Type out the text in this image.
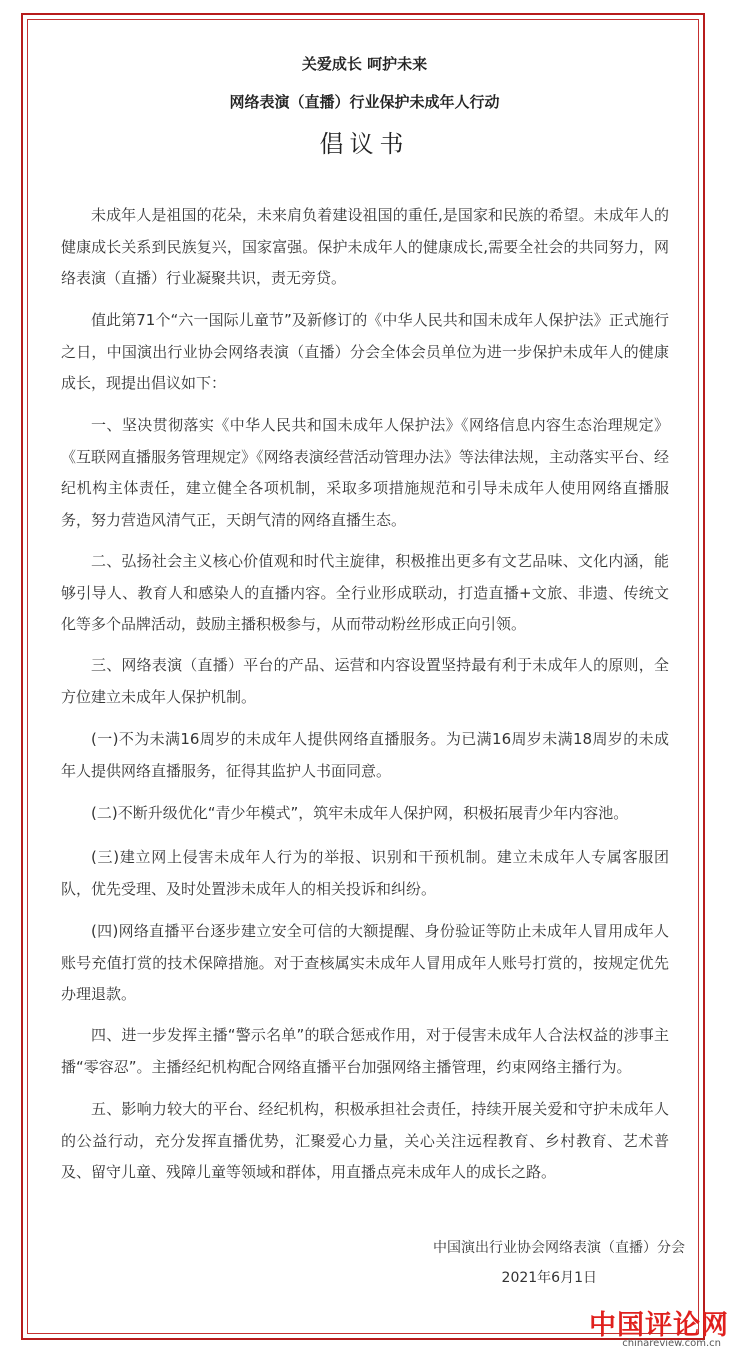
关爱成长 呵护未来
网络表演（直播）行业保护未成年人行动
倡议书

未成年人是祖国的花朵，未来肩负着建设祖国的重任,是国家和民族的希望。未成年人的健康成长关系到民族复兴，国家富强。保护未成年人的健康成长,需要全社会的共同努力，网络表演（直播）行业凝聚共识，责无旁贷。

值此第71个“六一国际儿童节”及新修订的《中华人民共和国未成年人保护法》正式施行之日，中国演出行业协会网络表演（直播）分会全体会员单位为进一步保护未成年人的健康成长，现提出倡议如下：

一、坚决贯彻落实《中华人民共和国未成年人保护法》《网络信息内容生态治理规定》《互联网直播服务管理规定》《网络表演经营活动管理办法》等法律法规，主动落实平台、经纪机构主体责任，建立健全各项机制，采取多项措施规范和引导未成年人使用网络直播服务，努力营造风清气正，天朗气清的网络直播生态。

二、弘扬社会主义核心价值观和时代主旋律，积极推出更多有文艺品味、文化内涵，能够引导人、教育人和感染人的直播内容。全行业形成联动，打造直播+文旅、非遗、传统文化等多个品牌活动，鼓励主播积极参与，从而带动粉丝形成正向引领。

三、网络表演（直播）平台的产品、运营和内容设置坚持最有利于未成年人的原则，全方位建立未成年人保护机制。

(一)不为未满16周岁的未成年人提供网络直播服务。为已满16周岁未满18周岁的未成年人提供网络直播服务，征得其监护人书面同意。

(二)不断升级优化“青少年模式”，筑牢未成年人保护网，积极拓展青少年内容池。

(三)建立网上侵害未成年人行为的举报、识别和干预机制。建立未成年人专属客服团队，优先受理、及时处置涉未成年人的相关投诉和纠纷。

(四)网络直播平台逐步建立安全可信的大额提醒、身份验证等防止未成年人冒用成年人账号充值打赏的技术保障措施。对于查核属实未成年人冒用成年人账号打赏的，按规定优先办理退款。

四、进一步发挥主播“警示名单”的联合惩戒作用，对于侵害未成年人合法权益的涉事主播“零容忍”。主播经纪机构配合网络直播平台加强网络主播管理，约束网络主播行为。

五、影响力较大的平台、经纪机构，积极承担社会责任，持续开展关爱和守护未成年人的公益行动，充分发挥直播优势，汇聚爱心力量，关心关注远程教育、乡村教育、艺术普及、留守儿童、残障儿童等领域和群体，用直播点亮未成年人的成长之路。

中国演出行业协会网络表演（直播）分会
2021年6月1日
中国评论网
chinareview.com.cn
